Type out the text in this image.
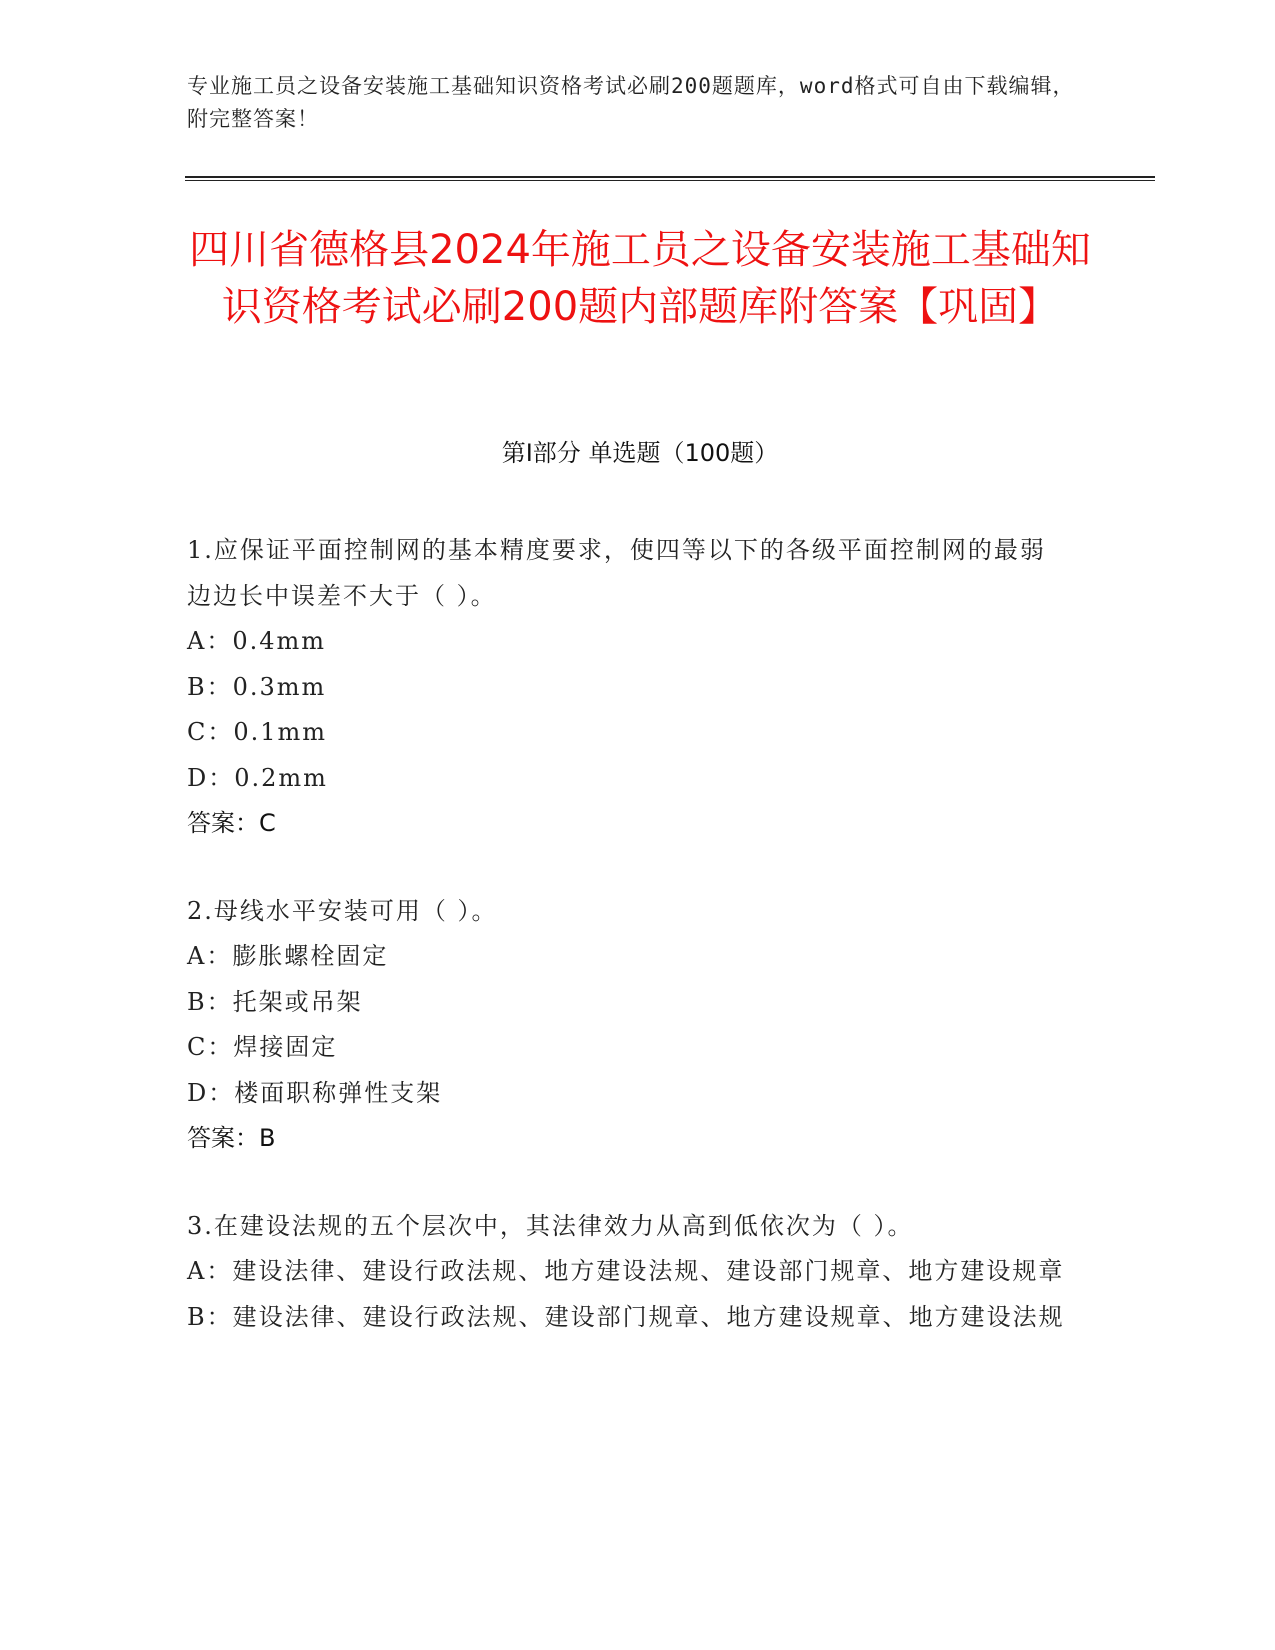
专业施工员之设备安装施工基础知识资格考试必刷200题题库，word格式可自由下载编辑，附完整答案！
四川省德格县2024年施工员之设备安装施工基础知识资格考试必刷200题内部题库附答案【巩固】
第I部分 单选题（100题）
1.应保证平面控制网的基本精度要求，使四等以下的各级平面控制网的最弱边边长中误差不大于（ ）。
A：0.4mm
B：0.3mm
C：0.1mm
D：0.2mm
答案：C
2.母线水平安装可用（ ）。
A：膨胀螺栓固定
B：托架或吊架
C：焊接固定
D：楼面职称弹性支架
答案：B
3.在建设法规的五个层次中，其法律效力从高到低依次为（ ）。
A：建设法律、建设行政法规、地方建设法规、建设部门规章、地方建设规章
B：建设法律、建设行政法规、建设部门规章、地方建设规章、地方建设法规
